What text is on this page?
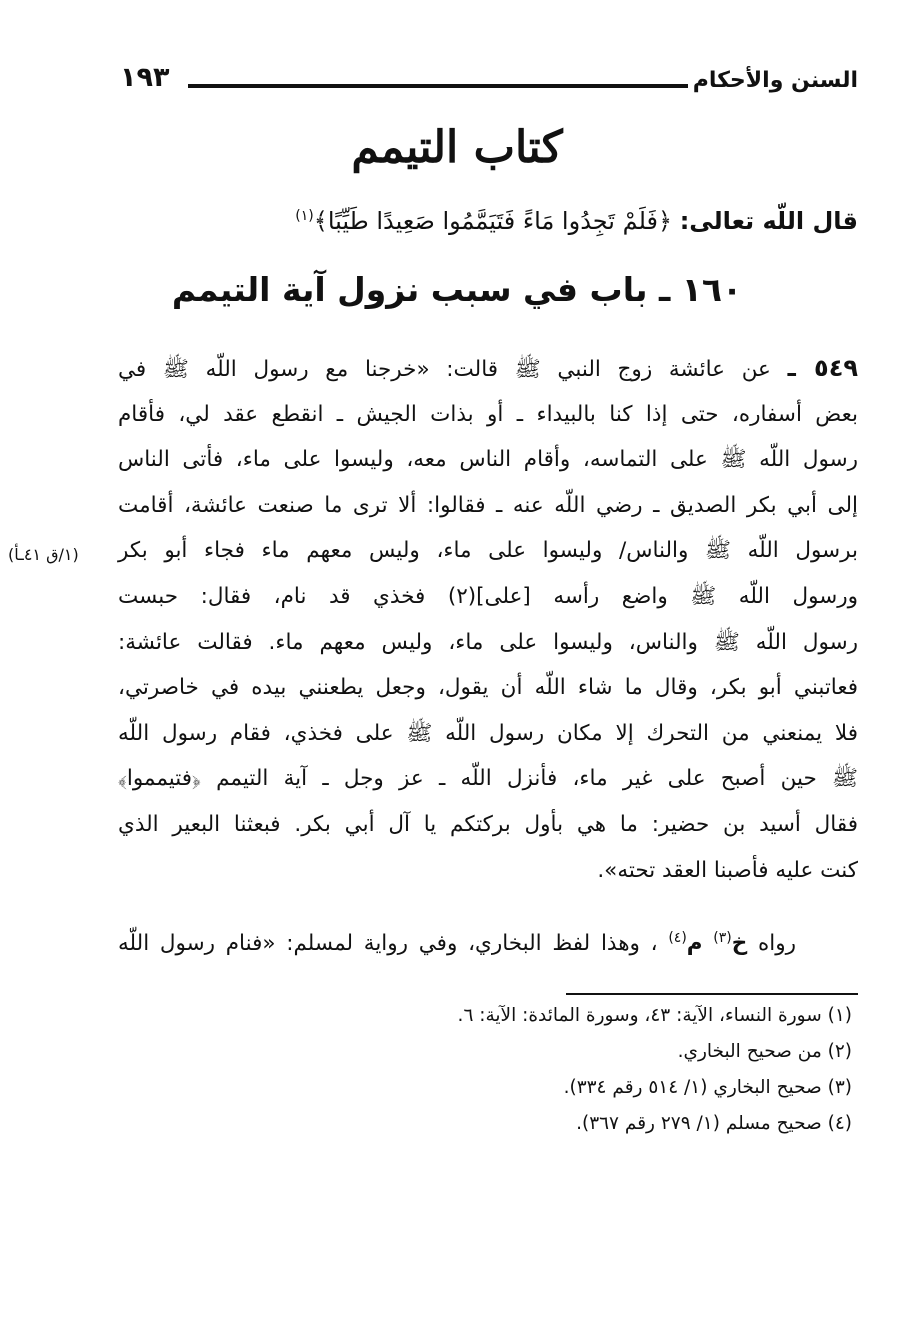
السنن والأحكام
١٩٣
كتاب التيمم
قال اللّه تعالى: ﴿فَلَمْ تَجِدُوا مَاءً فَتَيَمَّمُوا صَعِيدًا طَيِّبًا﴾$^{(١)}$
١٦٠ ـ باب في سبب نزول آية التيمم
٥٤٩ ـ عن عائشة زوج النبي ﷺ قالت: «خرجنا مع رسول اللّه ﷺ في
بعض أسفاره، حتى إذا كنا بالبيداء ـ أو بذات الجيش ـ انقطع عقد لي، فأقام
رسول اللّه ﷺ على التماسه، وأقام الناس معه، وليسوا على ماء، فأتى الناس
إلى أبي بكر الصديق ـ رضي اللّه عنه ـ فقالوا: ألا ترى ما صنعت عائشة، أقامت
برسول اللّه ﷺ والناس/ وليسوا على ماء، وليس معهم ماء فجاء أبو بكر
ورسول اللّه ﷺ واضع رأسه [على](٢) فخذي قد نام، فقال: حبست
رسول اللّه ﷺ والناس، وليسوا على ماء، وليس معهم ماء. فقالت عائشة:
فعاتبني أبو بكر، وقال ما شاء اللّه أن يقول، وجعل يطعنني بيده في خاصرتي،
فلا يمنعني من التحرك إلا مكان رسول اللّه ﷺ على فخذي، فقام رسول اللّه
ﷺ حين أصبح على غير ماء، فأنزل اللّه ـ عز وجل ـ آية التيمم ﴿فتيمموا﴾
فقال أسيد بن حضير: ما هي بأول بركتكم يا آل أبي بكر. فبعثنا البعير الذي
كنت عليه فأصبنا العقد تحته».
(١/ق ٤١ـأ)
رواه خ$^{(٣)}$ م$^{(٤)}$ ، وهذا لفظ البخاري، وفي رواية لمسلم: «فنام رسول اللّه
(١) سورة النساء، الآية: ٤٣، وسورة المائدة: الآية: ٦.
(٢) من صحيح البخاري.
(٣) صحيح البخاري (١/ ٥١٤ رقم ٣٣٤).
(٤) صحيح مسلم (١/ ٢٧٩ رقم ٣٦٧).
